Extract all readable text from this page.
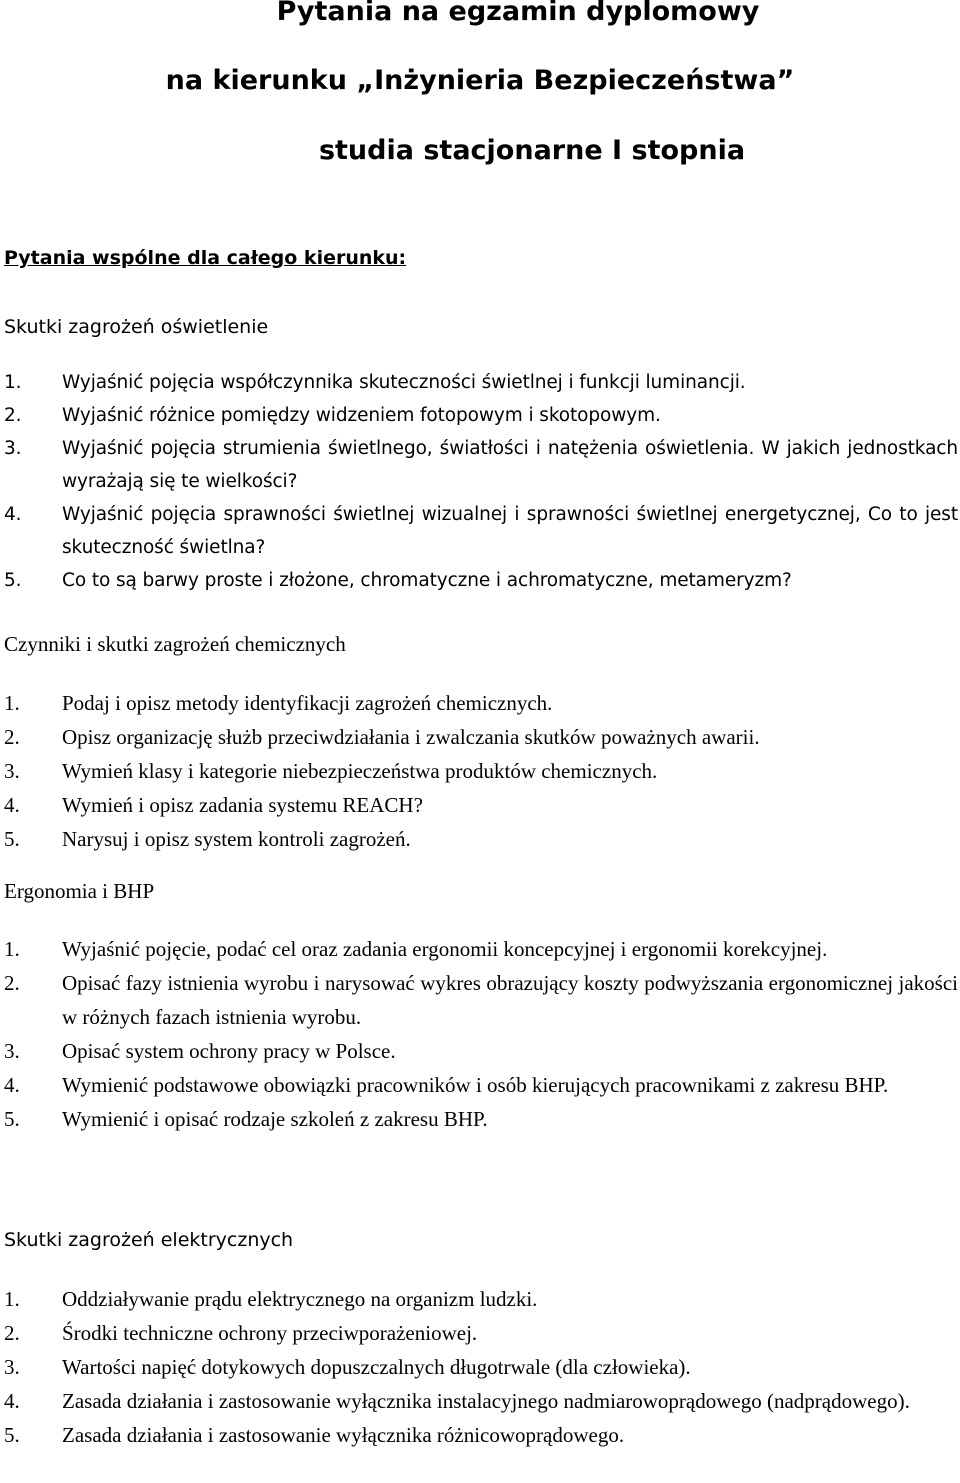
Pytania na egzamin dyplomowy
na kierunku „Inżynieria Bezpieczeństwa”
studia stacjonarne I stopnia
Pytania wspólne dla całego kierunku:
Skutki zagrożeń oświetlenie
1. Wyjaśnić pojęcia współczynnika skuteczności świetlnej i funkcji luminancji.
2. Wyjaśnić różnice pomiędzy widzeniem fotopowym i skotopowym.
3. Wyjaśnić pojęcia strumienia świetlnego, światłości i natężenia oświetlenia. W jakich jednostkach wyrażają się te wielkości?
4. Wyjaśnić pojęcia sprawności świetlnej wizualnej i sprawności świetlnej energetycznej, Co to jest skuteczność świetlna?
5. Co to są barwy proste i złożone, chromatyczne i achromatyczne, metameryzm?
Czynniki i skutki zagrożeń chemicznych
1. Podaj i opisz metody identyfikacji zagrożeń chemicznych.
2. Opisz organizację służb przeciwdziałania i zwalczania skutków poważnych awarii.
3. Wymień klasy i kategorie niebezpieczeństwa produktów chemicznych.
4. Wymień i opisz zadania systemu REACH?
5. Narysuj i opisz system kontroli zagrożeń.
Ergonomia i BHP
1. Wyjaśnić pojęcie, podać cel oraz zadania ergonomii koncepcyjnej i ergonomii korekcyjnej.
2. Opisać fazy istnienia wyrobu i narysować wykres obrazujący koszty podwyższania ergonomicznej jakości w różnych fazach istnienia wyrobu.
3. Opisać system ochrony pracy w Polsce.
4. Wymienić podstawowe obowiązki pracowników i osób kierujących pracownikami z zakresu BHP.
5. Wymienić i opisać rodzaje szkoleń z zakresu BHP.
Skutki zagrożeń elektrycznych
1. Oddziaływanie prądu elektrycznego na organizm ludzki.
2. Środki techniczne ochrony przeciwporażeniowej.
3. Wartości napięć dotykowych dopuszczalnych długotrwale (dla człowieka).
4. Zasada działania i zastosowanie wyłącznika instalacyjnego nadmiarowoprądowego (nadprądowego).
5. Zasada działania i zastosowanie wyłącznika różnicowoprądowego.
